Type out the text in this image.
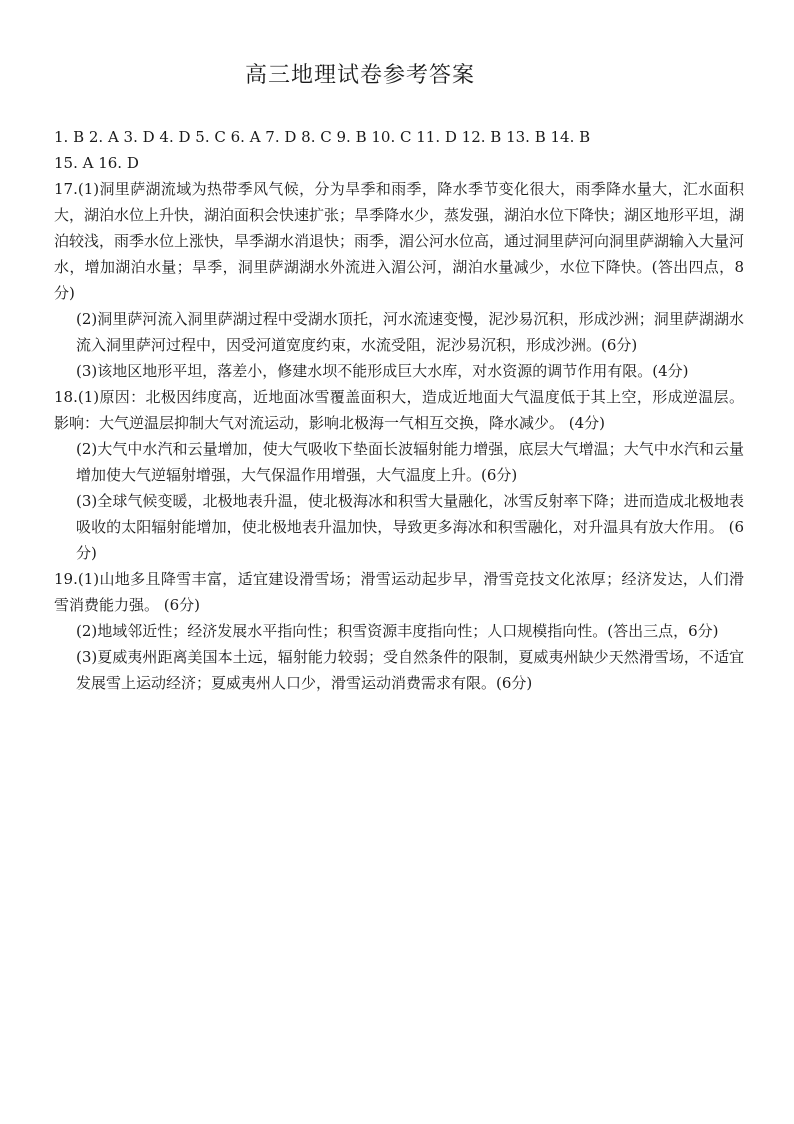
高三地理试卷参考答案

1. B 2. A 3. D 4. D 5. C 6. A 7. D 8. C 9. B 10. C 11. D 12. B 13. B 14. B

15. A 16. D

17.(1)洞里萨湖流域为热带季风气候，分为旱季和雨季，降水季节变化很大，雨季降水量大，汇水面积大，湖泊水位上升快，湖泊面积会快速扩张；旱季降水少，蒸发强，湖泊水位下降快；湖区地形平坦，湖泊较浅，雨季水位上涨快，旱季湖水消退快；雨季，湄公河水位高，通过洞里萨河向洞里萨湖输入大量河水，增加湖泊水量；旱季，洞里萨湖湖水外流进入湄公河，湖泊水量减少，水位下降快。(答出四点，8分)

(2)洞里萨河流入洞里萨湖过程中受湖水顶托，河水流速变慢，泥沙易沉积，形成沙洲；洞里萨湖湖水流入洞里萨河过程中，因受河道宽度约束，水流受阻，泥沙易沉积，形成沙洲。(6分)

(3)该地区地形平坦，落差小，修建水坝不能形成巨大水库，对水资源的调节作用有限。(4分)

18.(1)原因：北极因纬度高，近地面冰雪覆盖面积大，造成近地面大气温度低于其上空，形成逆温层。影响：大气逆温层抑制大气对流运动，影响北极海一气相互交换，降水减少。 (4分)

(2)大气中水汽和云量增加，使大气吸收下垫面长波辐射能力增强，底层大气增温；大气中水汽和云量增加使大气逆辐射增强，大气保温作用增强，大气温度上升。(6分)

(3)全球气候变暖，北极地表升温，使北极海冰和积雪大量融化，冰雪反射率下降；进而造成北极地表吸收的太阳辐射能增加，使北极地表升温加快，导致更多海冰和积雪融化，对升温具有放大作用。 (6分)

19.(1)山地多且降雪丰富，适宜建设滑雪场；滑雪运动起步早，滑雪竞技文化浓厚；经济发达，人们滑雪消费能力强。 (6分)

(2)地域邻近性；经济发展水平指向性；积雪资源丰度指向性；人口规模指向性。(答出三点，6分)

(3)夏威夷州距离美国本土远，辐射能力较弱；受自然条件的限制，夏威夷州缺少天然滑雪场，不适宜发展雪上运动经济；夏威夷州人口少，滑雪运动消费需求有限。(6分)
